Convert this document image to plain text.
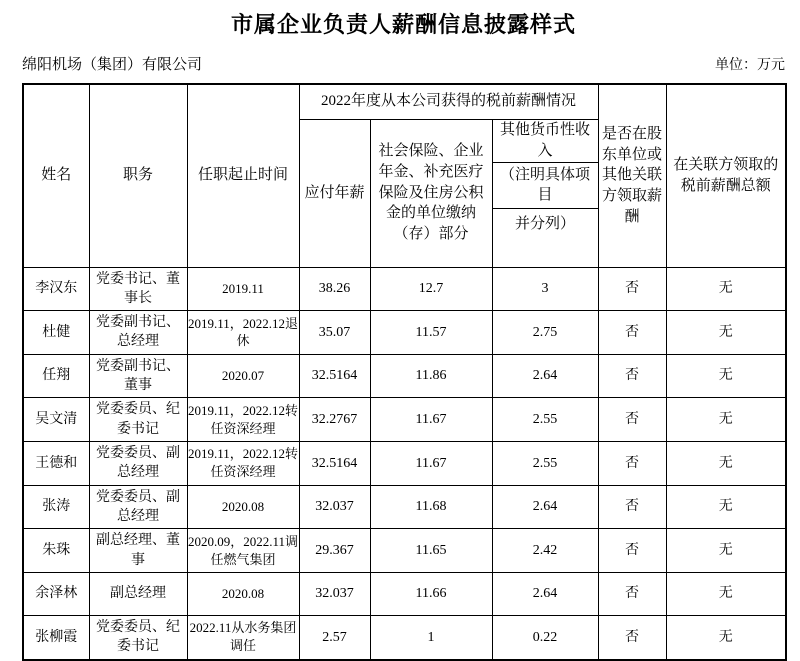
市属企业负责人薪酬信息披露样式
绵阳机场（集团）有限公司	单位：万元
姓名	职务	任职起止时间	2022年度从本公司获得的税前薪酬情况			是否在股东单位或其他关联方领取薪酬	在关联方领取的税前薪酬总额
			应付年薪	社会保险、企业年金、补充医疗保险及住房公积金的单位缴纳（存）部分	其他货币性收入
（注明具体项目
并分列）		

李汉东	党委书记、董事长	2019.11	38.26	12.7	3	否	无
杜健	党委副书记、总经理	2019.11，2022.12退休	35.07	11.57	2.75	否	无
任翔	党委副书记、董事	2020.07	32.5164	11.86	2.64	否	无
吴文清	党委委员、纪委书记	2019.11，2022.12转任资深经理	32.2767	11.67	2.55	否	无
王德和	党委委员、副总经理	2019.11，2022.12转任资深经理	32.5164	11.67	2.55	否	无
张涛	党委委员、副总经理	2020.08	32.037	11.68	2.64	否	无
朱珠	副总经理、董事	2020.09，2022.11调任燃气集团	29.367	11.65	2.42	否	无
余泽林	副总经理	2020.08	32.037	11.66	2.64	否	无
张柳霞	党委委员、纪委书记	2022.11从水务集团调任	2.57	1	0.22	否	无
